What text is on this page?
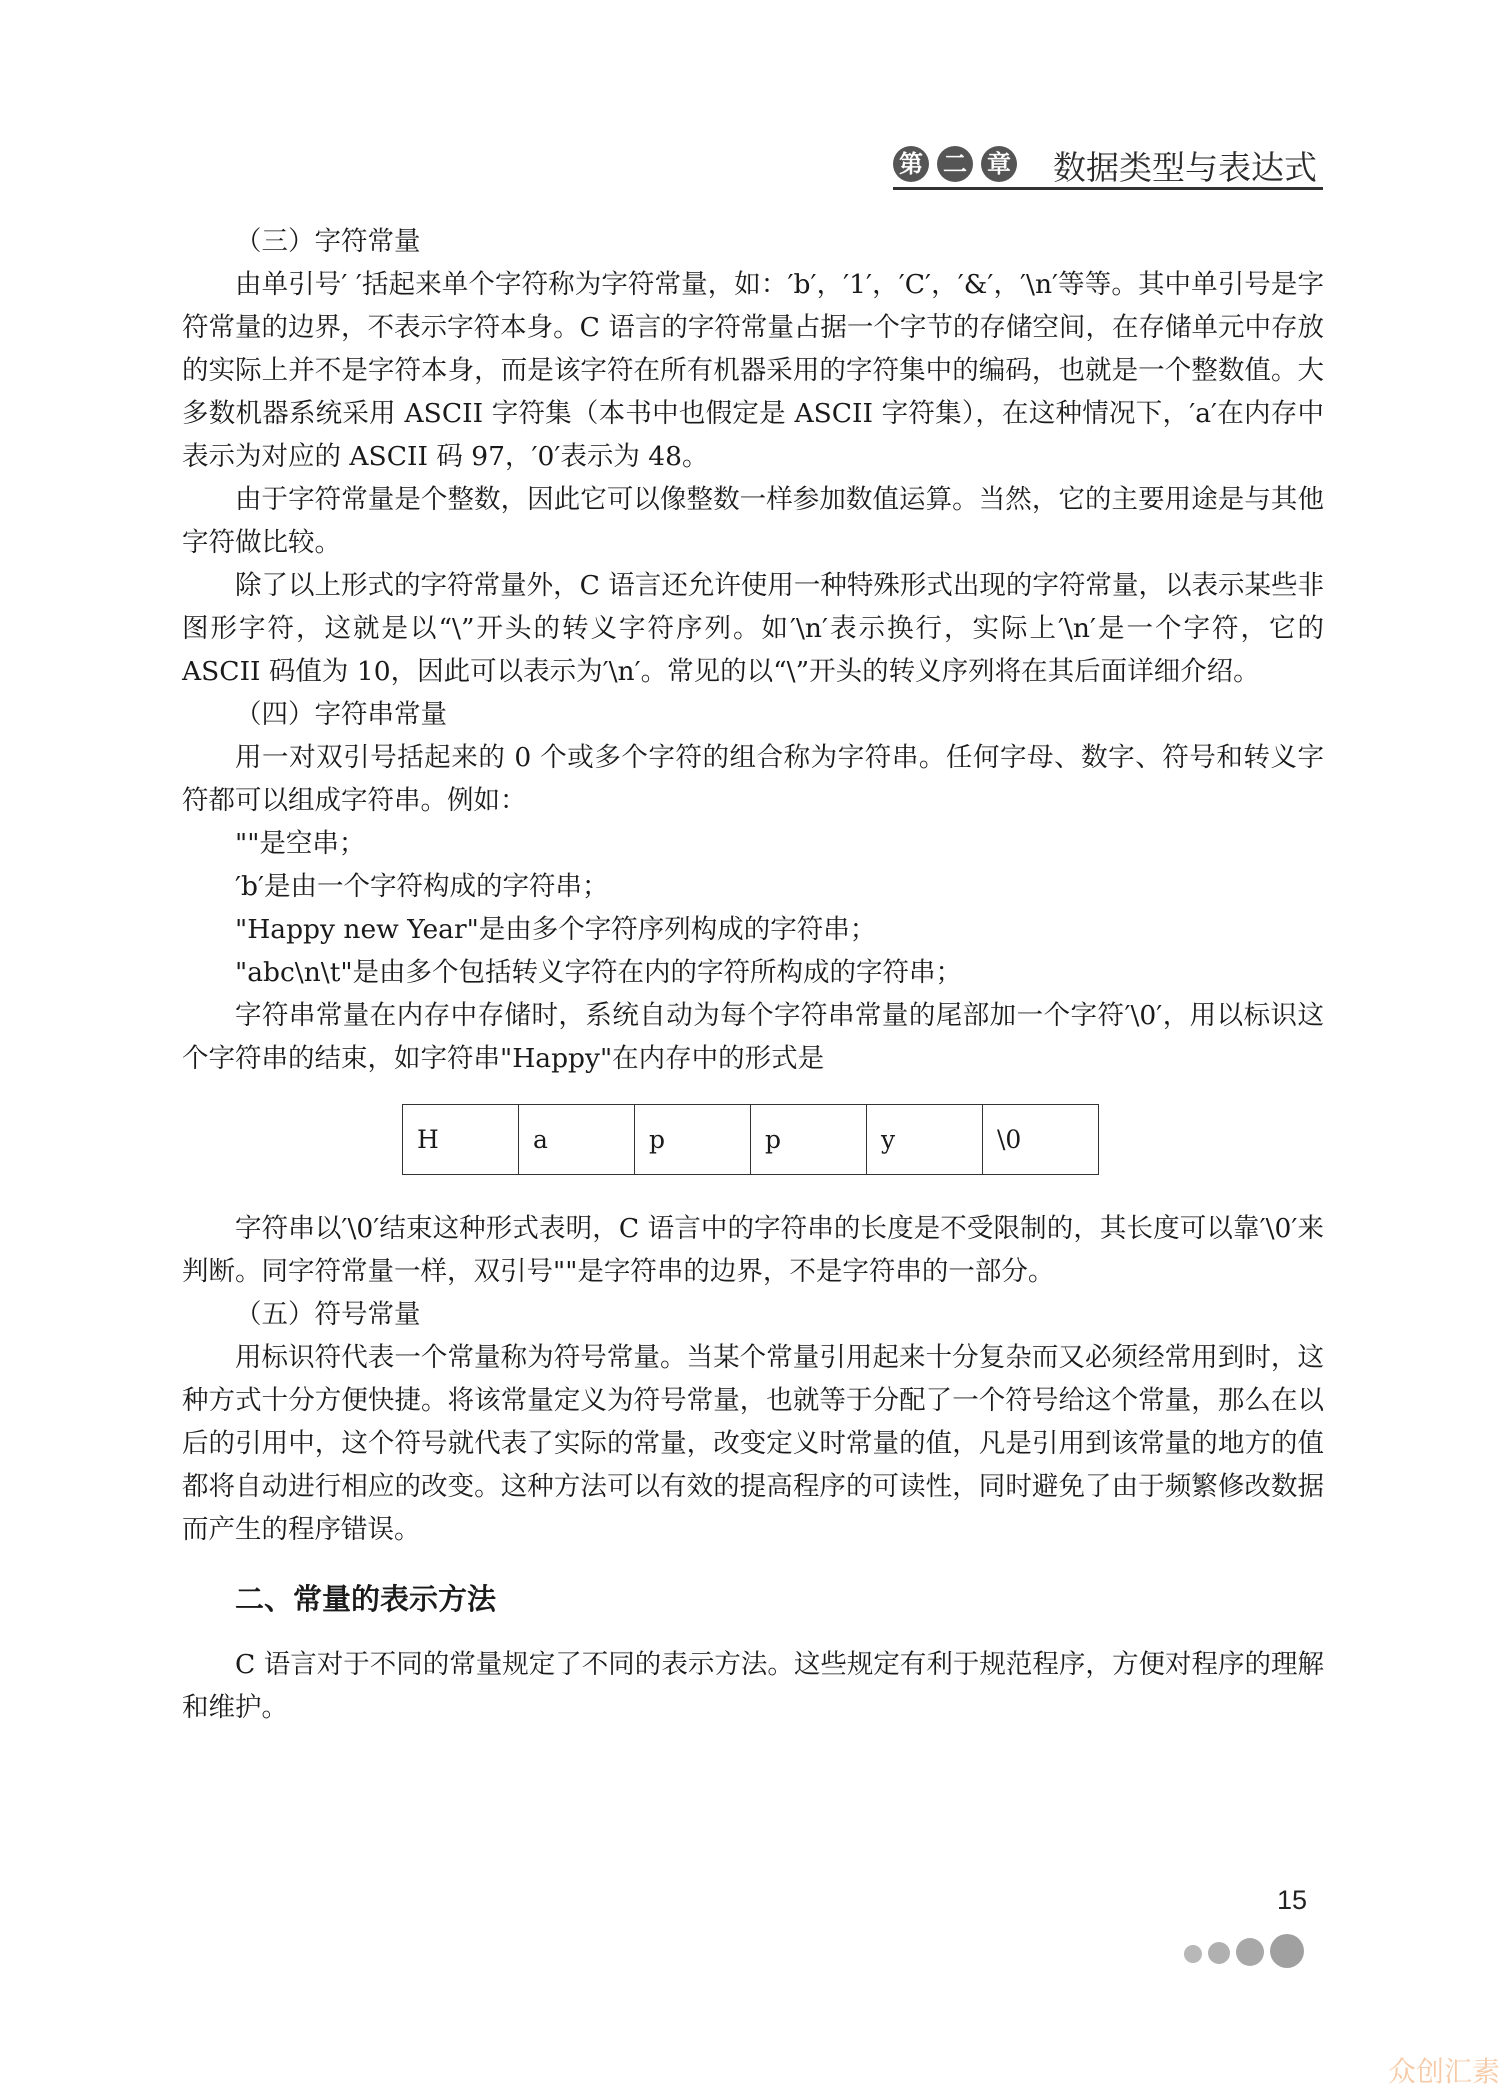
第 二 章 数据类型与表达式

（三）字符常量

由单引号′ ′括起来单个字符称为字符常量，如：′b′，′1′，′C′，′&′，′\n′等等。其中单引号是字符常量的边界，不表示字符本身。C 语言的字符常量占据一个字节的存储空间，在存储单元中存放的实际上并不是字符本身，而是该字符在所有机器采用的字符集中的编码，也就是一个整数值。大多数机器系统采用 ASCII 字符集（本书中也假定是 ASCII 字符集），在这种情况下，′a′在内存中表示为对应的 ASCII 码 97，′0′表示为 48。

由于字符常量是个整数，因此它可以像整数一样参加数值运算。当然，它的主要用途是与其他字符做比较。

除了以上形式的字符常量外，C 语言还允许使用一种特殊形式出现的字符常量，以表示某些非图形字符，这就是以“\”开头的转义字符序列。如′\n′表示换行，实际上′\n′是一个字符，它的 ASCII 码值为 10，因此可以表示为′\n′。常见的以“\”开头的转义序列将在其后面详细介绍。

（四）字符串常量

用一对双引号括起来的 0 个或多个字符的组合称为字符串。任何字母、数字、符号和转义字符都可以组成字符串。例如：

""是空串；

′b′是由一个字符构成的字符串；

"Happy new Year"是由多个字符序列构成的字符串；

"abc\n\t"是由多个包括转义字符在内的字符所构成的字符串；

字符串常量在内存中存储时，系统自动为每个字符串常量的尾部加一个字符′\0′，用以标识这个字符串的结束，如字符串"Happy"在内存中的形式是

H	a	p	p	y	\0

字符串以′\0′结束这种形式表明，C 语言中的字符串的长度是不受限制的，其长度可以靠′\0′来判断。同字符常量一样，双引号""是字符串的边界，不是字符串的一部分。

（五）符号常量

用标识符代表一个常量称为符号常量。当某个常量引用起来十分复杂而又必须经常用到时，这种方式十分方便快捷。将该常量定义为符号常量，也就等于分配了一个符号给这个常量，那么在以后的引用中，这个符号就代表了实际的常量，改变定义时常量的值，凡是引用到该常量的地方的值都将自动进行相应的改变。这种方法可以有效的提高程序的可读性，同时避免了由于频繁修改数据而产生的程序错误。

二、常量的表示方法

C 语言对于不同的常量规定了不同的表示方法。这些规定有利于规范程序，方便对程序的理解和维护。

15
众创汇素
